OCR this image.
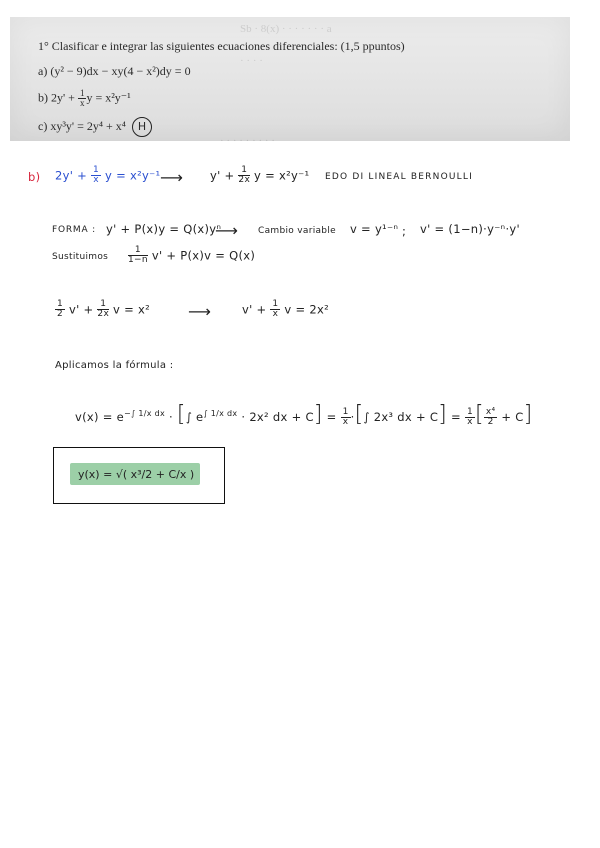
Sb · 8(x) · · · · · · · a
· · · ·
· · · · · · · · ·
1° Clasificar e integrar las siguientes ecuaciones diferenciales: (1,5 ppuntos)
a) (y² − 9)dx − xy(4 − x²)dy = 0
b) $2y' + \frac{1}{x}$ y = x²y⁻¹
c) xy³y' = 2y⁴ + x⁴ H
b) $2y' + \frac{1}{x}$ y = x²y⁻¹ ⟶ $y' + \frac{1}{2x}$ y = x²y⁻¹ EDO DI LINEAL BERNOULLI
FORMA : y' + P(x)y = Q(x)yⁿ
⟶ Cambio variable v = y¹⁻ⁿ ; v' = (1−n)·y⁻ⁿ·y'
Sustituimos $\frac{1}{1-n} v' + P(x)v = Q(x)$
$\frac{1}{2} v' + \frac{1}{2x}$ v = x² ⟶	$v' + \frac{1}{x}$ v = 2x²
Aplicamos la fórmula :
$v(x) = e^{-\int 1/x dx}$ · [∫ $e^{\int 1/x dx} \cdot 2x^2$ dx + $C] = \frac{1}{x}$ ·[∫ 2x³ dx + $C] = \frac{1}{x}$ [ $\frac{\text{x⁴}}{2} + C$]
y(x) = √( x³/2 + C/x )
